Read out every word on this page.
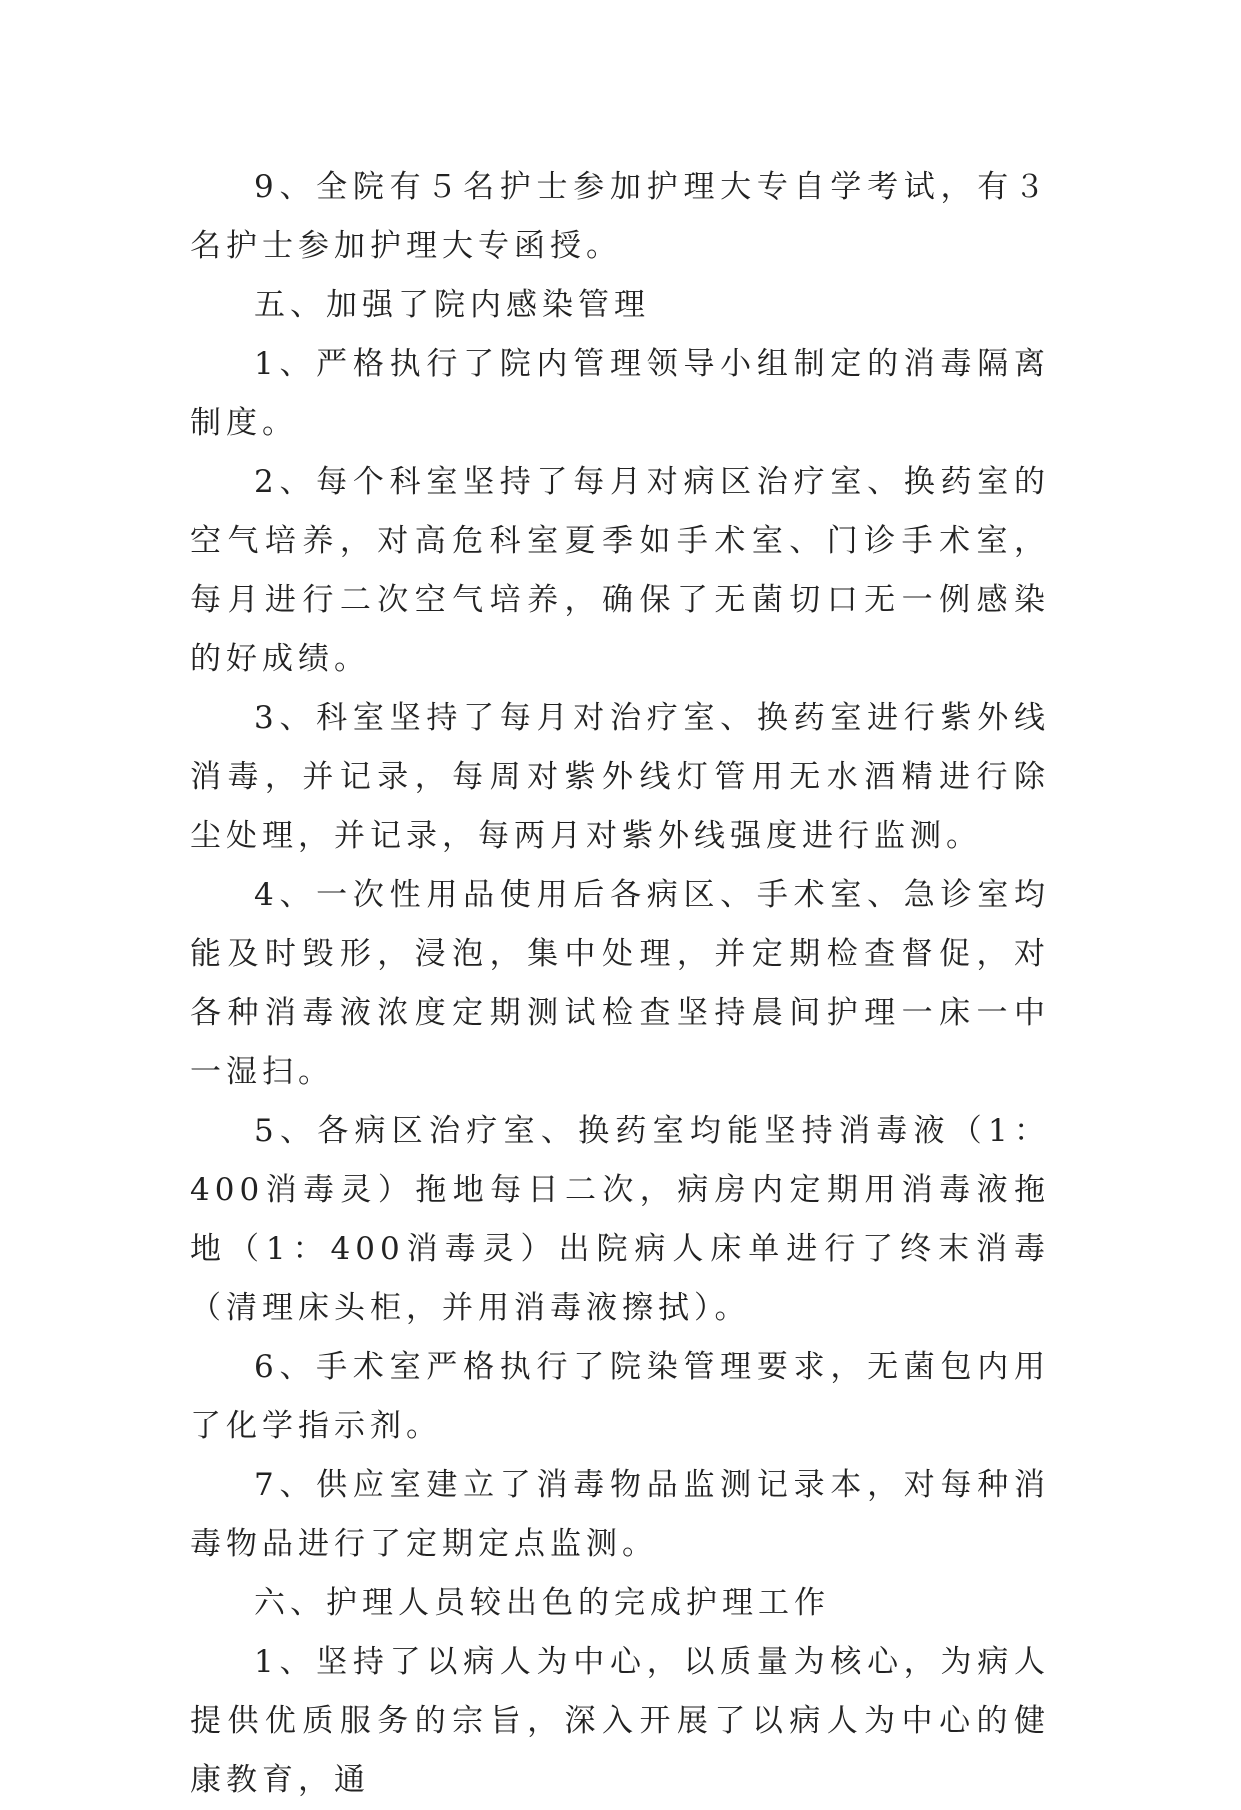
9、全院有５名护士参加护理大专自学考试，有３名护士参加护理大专函授。

五、加强了院内感染管理

1、严格执行了院内管理领导小组制定的消毒隔离制度。

2、每个科室坚持了每月对病区治疗室、换药室的空气培养，对高危科室夏季如手术室、门诊手术室，每月进行二次空气培养，确保了无菌切口无一例感染的好成绩。

3、科室坚持了每月对治疗室、换药室进行紫外线消毒，并记录，每周对紫外线灯管用无水酒精进行除尘处理，并记录，每两月对紫外线强度进行监测。

4、一次性用品使用后各病区、手术室、急诊室均能及时毁形，浸泡，集中处理，并定期检查督促，对各种消毒液浓度定期测试检查坚持晨间护理一床一中一湿扫。

5、各病区治疗室、换药室均能坚持消毒液（1：400消毒灵）拖地每日二次，病房内定期用消毒液拖地（1：400消毒灵）出院病人床单进行了终末消毒（清理床头柜，并用消毒液擦拭）。

6、手术室严格执行了院染管理要求，无菌包内用了化学指示剂。

7、供应室建立了消毒物品监测记录本，对每种消毒物品进行了定期定点监测。

六、护理人员较出色的完成护理工作

1、坚持了以病人为中心，以质量为核心，为病人提供优质服务的宗旨，深入开展了以病人为中心的健康教育，通
